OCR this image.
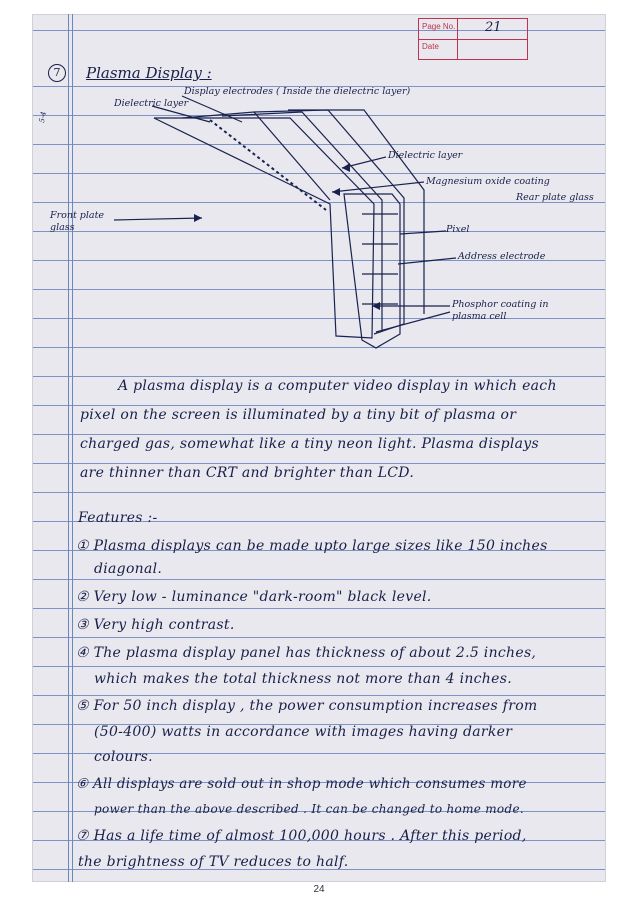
Page No. 21
Date
7
5-4
Plasma Display :
Display electrodes ( Inside the dielectric layer)
Dielectric layer
Dielectric layer
Magnesium oxide coating
Rear plate glass
Front plate glass	Pixel
Address electrode
Phosphor coating in plasma cell
A plasma display is a computer video display in which each
pixel on the screen is illuminated by a tiny bit of plasma or
charged gas, somewhat like a tiny neon light. Plasma displays
are thinner than CRT and brighter than LCD.
Features :-
① Plasma displays can be made upto large sizes like 150 inches
diagonal.
② Very low - luminance "dark-room" black level.
③ Very high contrast.
④ The plasma display panel has thickness of about 2.5 inches,
which makes the total thickness not more than 4 inches.
⑤ For 50 inch display , the power consumption increases from
(50-400) watts in accordance with images having darker
colours.
⑥ All displays are sold out in shop mode which consumes more
power than the above described . It can be changed to home mode.
⑦ Has a life time of almost 100,000 hours . After this period,
the brightness of TV reduces to half.
24
